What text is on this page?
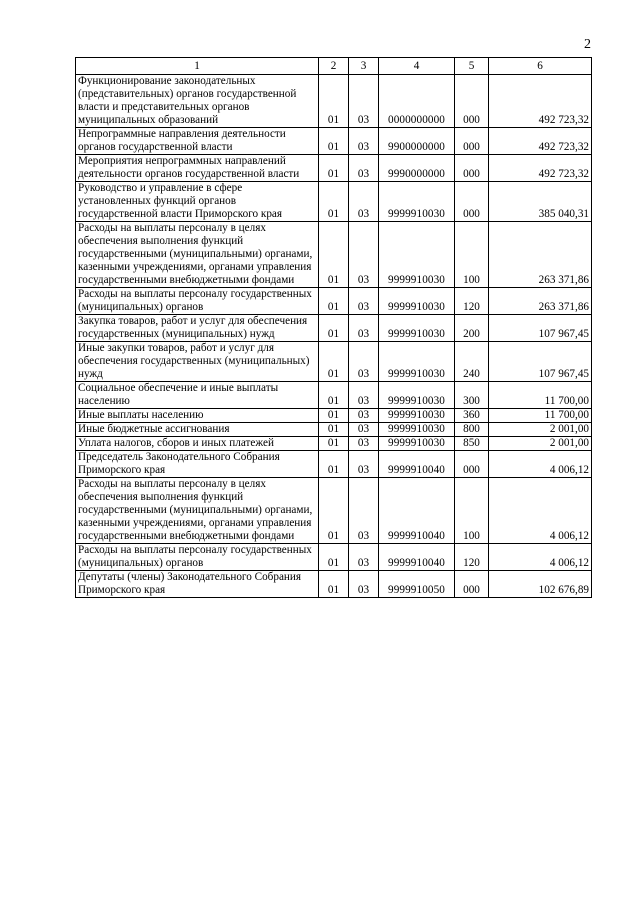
2
1	2	3	4	5	6
Функционирование законодательных (представительных) органов государственной власти и представительных органов муниципальных образований	01	03	0000000000	000	492 723,32
Непрограммные направления деятельности органов государственной власти	01	03	9900000000	000	492 723,32
Мероприятия непрограммных направлений деятельности органов государственной власти	01	03	9990000000	000	492 723,32
Руководство и управление в сфере установленных функций органов государственной власти Приморского края	01	03	9999910030	000	385 040,31
Расходы на выплаты персоналу в целях обеспечения выполнения функций государственными (муниципальными) органами, казенными учреждениями, органами управления государственными внебюджетными фондами	01	03	9999910030	100	263 371,86
Расходы на выплаты персоналу государственных (муниципальных) органов	01	03	9999910030	120	263 371,86
Закупка товаров, работ и услуг для обеспечения государственных (муниципальных) нужд	01	03	9999910030	200	107 967,45
Иные закупки товаров, работ и услуг для обеспечения государственных (муниципальных) нужд	01	03	9999910030	240	107 967,45
Социальное обеспечение и иные выплаты населению	01	03	9999910030	300	11 700,00
Иные выплаты населению	01	03	9999910030	360	11 700,00
Иные бюджетные ассигнования	01	03	9999910030	800	2 001,00
Уплата налогов, сборов и иных платежей	01	03	9999910030	850	2 001,00
Председатель Законодательного Собрания Приморского края	01	03	9999910040	000	4 006,12
Расходы на выплаты персоналу в целях обеспечения выполнения функций государственными (муниципальными) органами, казенными учреждениями, органами управления государственными внебюджетными фондами	01	03	9999910040	100	4 006,12
Расходы на выплаты персоналу государственных (муниципальных) органов	01	03	9999910040	120	4 006,12
Депутаты (члены) Законодательного Собрания Приморского края	01	03	9999910050	000	102 676,89
